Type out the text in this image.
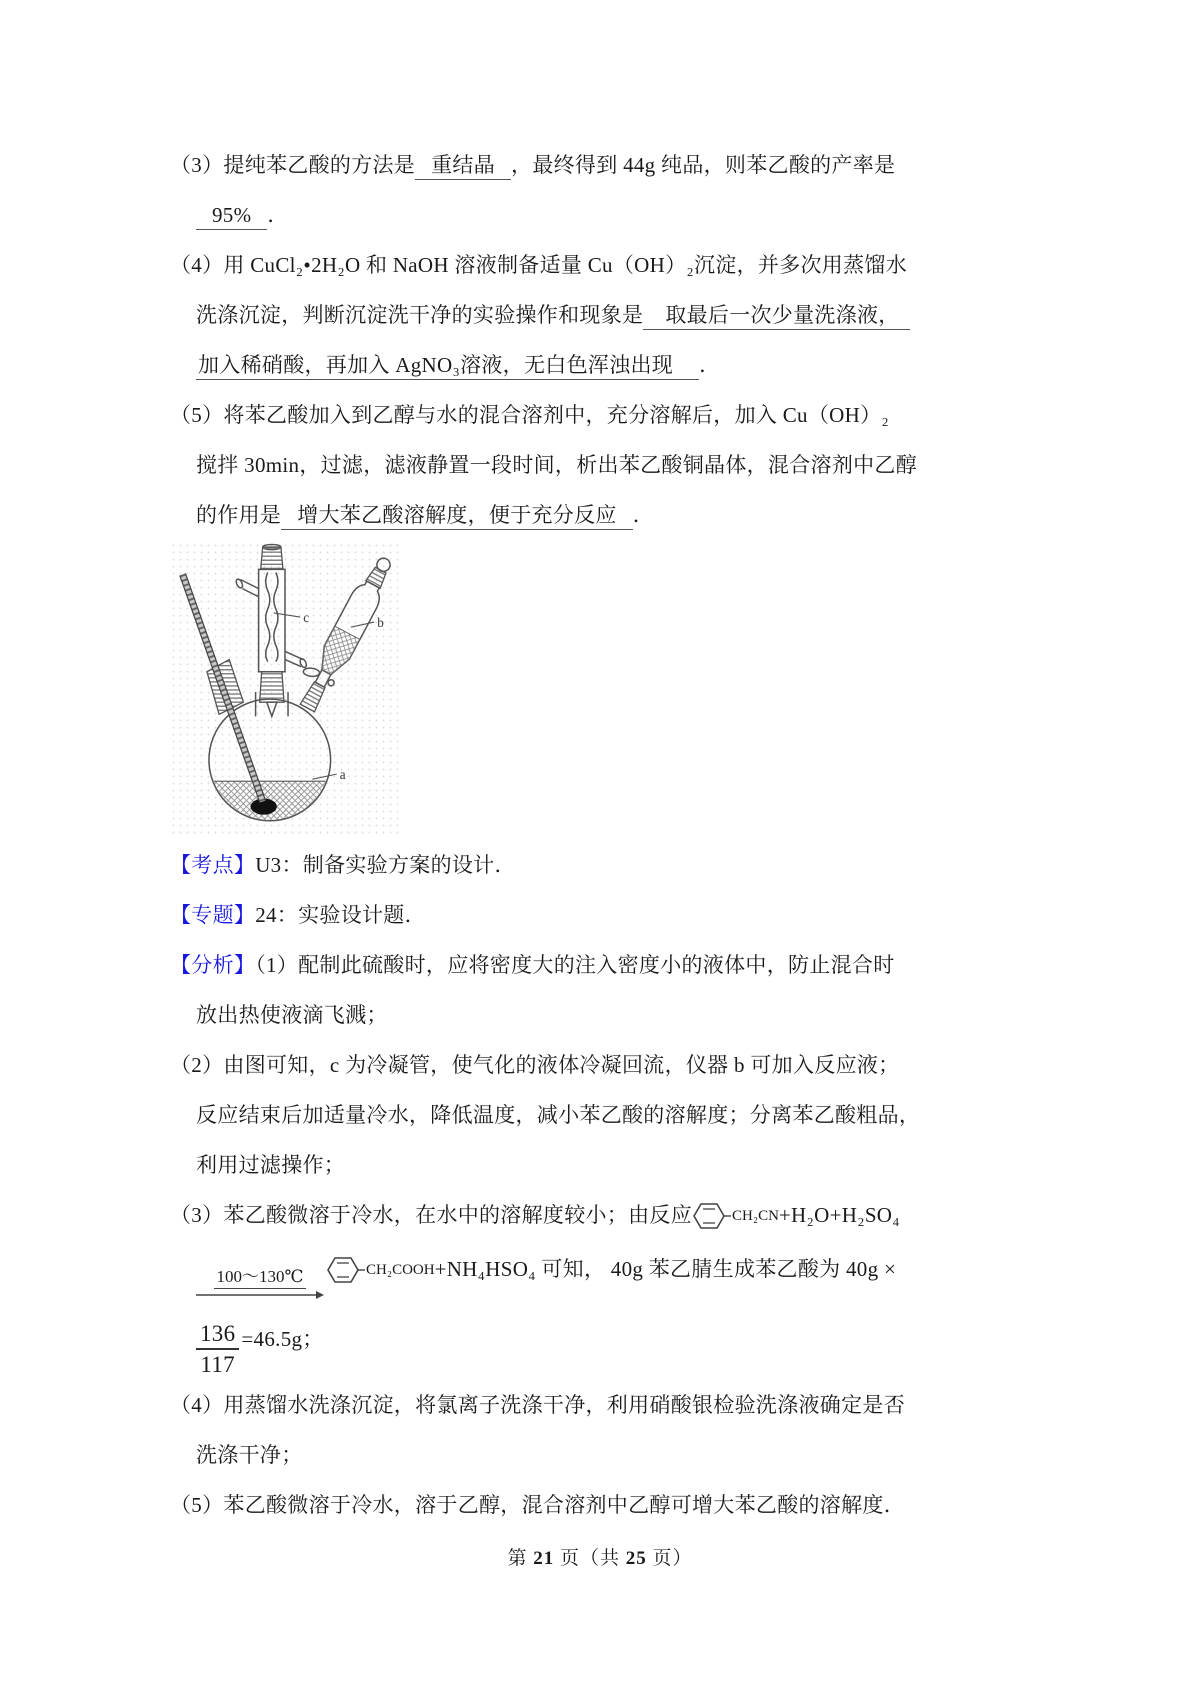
（3）提纯苯乙酸的方法是 重结晶 ，最终得到 44g 纯品，则苯乙酸的产率是
95% ．
（4）用 CuCl₂•2H₂O 和 NaOH 溶液制备适量 Cu（OH）₂沉淀，并多次用蒸馏水
洗涤沉淀，判断沉淀洗干净的实验操作和现象是 取最后一次少量洗涤液，
加入稀硝酸，再加入 AgNO₃溶液，无白色浑浊出现 ．
（5）将苯乙酸加入到乙醇与水的混合溶剂中，充分溶解后，加入 Cu（OH）₂
搅拌 30min，过滤，滤液静置一段时间，析出苯乙酸铜晶体，混合溶剂中乙醇
的作用是 增大苯乙酸溶解度，便于充分反应 ．
c	b
a
【考点】U3：制备实验方案的设计．
【专题】24：实验设计题．
【分析】（1）配制此硫酸时，应将密度大的注入密度小的液体中，防止混合时
放出热使液滴飞溅；
（2）由图可知，c 为冷凝管，使气化的液体冷凝回流，仪器 b 可加入反应液；
反应结束后加适量冷水，降低温度，减小苯乙酸的溶解度；分离苯乙酸粗品，
利用过滤操作；
（3）苯乙酸微溶于冷水，在水中的溶解度较小；由反应	CH₂CN +H₂O+H₂SO₄
100～130℃	CH₂COOH +NH₄HSO₄ 可知， 40g 苯乙腈生成苯乙酸为 40g ×
$\frac{136}{117} =46.5g$；
（4）用蒸馏水洗涤沉淀，将氯离子洗涤干净，利用硝酸银检验洗涤液确定是否
洗涤干净；
（5）苯乙酸微溶于冷水，溶于乙醇，混合溶剂中乙醇可增大苯乙酸的溶解度．
第 21 页（共 25 页）
